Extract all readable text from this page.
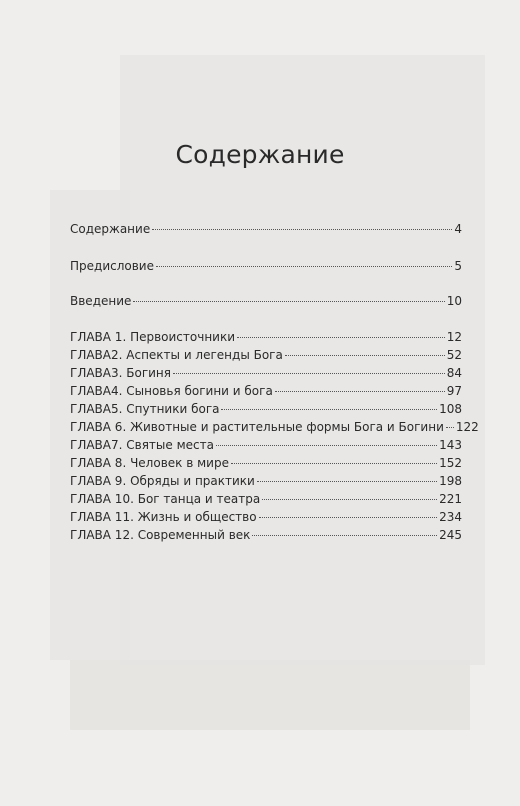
Содержание
Содержание	4
Предисловие	5
Введение	10
ГЛАВА 1. Первоисточники	12
ГЛАВА2. Аспекты и легенды Бога	52
ГЛАВА3. Богиня	84
ГЛАВА4. Сыновья богини и бога	97
ГЛАВА5. Спутники бога	108
ГЛАВА 6. Животные и растительные формы Бога и Богини 122
ГЛАВА7. Святые места	143
ГЛАВА 8. Человек в мире	152
ГЛАВА 9. Обряды и практики	198
ГЛАВА 10. Бог танца и театра	221
ГЛАВА 11. Жизнь и общество	234
ГЛАВА 12. Современный век	245
